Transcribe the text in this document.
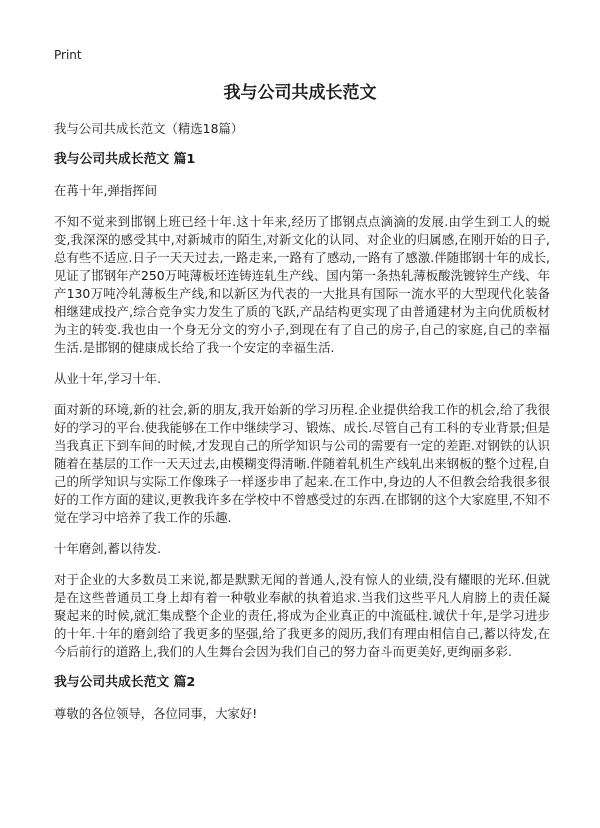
Print
我与公司共成长范文

我与公司共成长范文（精选18篇）

我与公司共成长范文 篇1

在苒十年,弹指挥间

不知不觉来到邯钢上班已经十年.这十年来,经历了邯钢点点滴滴的发展.由学生到工人的蜕变,我深深的感受其中,对新城市的陌生,对新文化的认同、对企业的归属感,在刚开始的日子,总有些不适应.日子一天天过去,一路走来,一路有了感动,一路有了感激.伴随邯钢十年的成长,见证了邯钢年产250万吨薄板坯连铸连轧生产线、国内第一条热轧薄板酸洗镀锌生产线、年产130万吨冷轧薄板生产线,和以新区为代表的一大批具有国际一流水平的大型现代化装备相继建成投产,综合竞争实力发生了质的飞跃,产品结构更实现了由普通建材为主向优质板材为主的转变.我也由一个身无分文的穷小子,到现在有了自己的房子,自己的家庭,自己的幸福生活.是邯钢的健康成长给了我一个安定的幸福生活.

从业十年,学习十年.

面对新的环境,新的社会,新的朋友,我开始新的学习历程.企业提供给我工作的机会,给了我很好的学习的平台.使我能够在工作中继续学习、锻炼、成长.尽管自己有工科的专业背景;但是当我真正下到车间的时候,才发现自己的所学知识与公司的需要有一定的差距.对钢铁的认识随着在基层的工作一天天过去,由模糊变得清晰.伴随着轧机生产线轧出来钢板的整个过程,自己的所学知识与实际工作像珠子一样逐步串了起来.在工作中,身边的人不但教会给我很多很好的工作方面的建议,更教我许多在学校中不曾感受过的东西.在邯钢的这个大家庭里,不知不觉在学习中培养了我工作的乐趣.

十年磨剑,蓄以待发.

对于企业的大多数员工来说,都是默默无闻的普通人,没有惊人的业绩,没有耀眼的光环.但就是在这些普通员工身上却有着一种敬业奉献的执着追求.当我们这些平凡人肩膀上的责任凝聚起来的时候,就汇集成整个企业的责任,将成为企业真正的中流砥柱.诚伏十年,是学习进步的十年.十年的磨剑给了我更多的坚强,给了我更多的阅历,我们有理由相信自己,蓄以待发,在今后前行的道路上,我们的人生舞台会因为我们自己的努力奋斗而更美好,更绚丽多彩.

我与公司共成长范文 篇2

尊敬的各位领导，各位同事，大家好!
